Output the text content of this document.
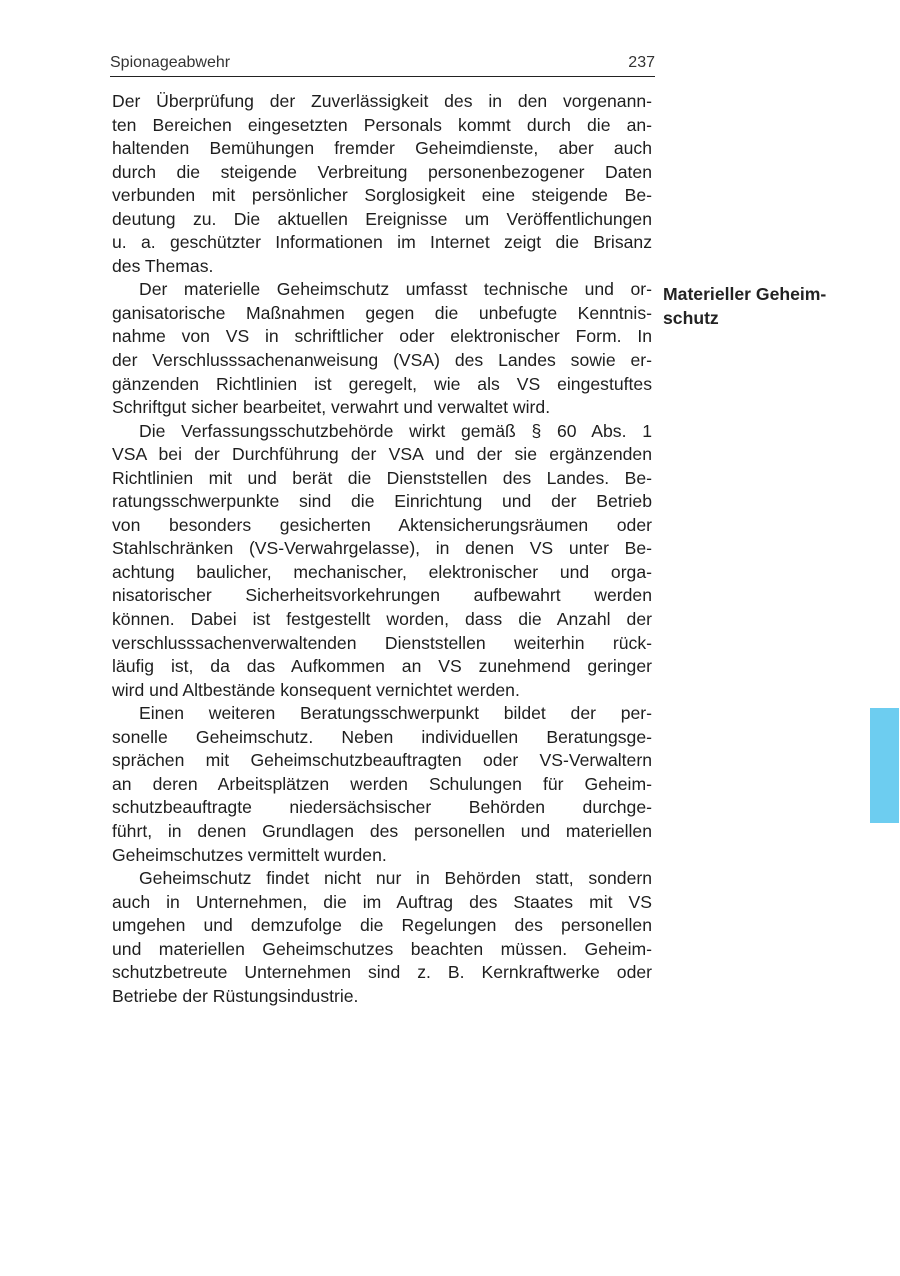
Spionageabwehr	237
Der Überprüfung der Zuverlässigkeit des in den vorgenann-
ten Bereichen eingesetzten Personals kommt durch die an-
haltenden Bemühungen fremder Geheimdienste, aber auch
durch die steigende Verbreitung personenbezogener Daten
verbunden mit persönlicher Sorglosigkeit eine steigende Be-
deutung zu. Die aktuellen Ereignisse um Veröffentlichungen
u. a. geschützter Informationen im Internet zeigt die Brisanz
des Themas.
Der materielle Geheimschutz umfasst technische und or-
ganisatorische Maßnahmen gegen die unbefugte Kenntnis-
nahme von VS in schriftlicher oder elektronischer Form. In
der Verschlusssachenanweisung (VSA) des Landes sowie er-
gänzenden Richtlinien ist geregelt, wie als VS eingestuftes
Schriftgut sicher bearbeitet, verwahrt und verwaltet wird.
Die Verfassungsschutzbehörde wirkt gemäß § 60 Abs. 1
VSA bei der Durchführung der VSA und der sie ergänzenden
Richtlinien mit und berät die Dienststellen des Landes. Be-
ratungsschwerpunkte sind die Einrichtung und der Betrieb
von besonders gesicherten Aktensicherungsräumen oder
Stahlschränken (VS-Verwahrgelasse), in denen VS unter Be-
achtung baulicher, mechanischer, elektronischer und orga-
nisatorischer Sicherheitsvorkehrungen aufbewahrt werden
können. Dabei ist festgestellt worden, dass die Anzahl der
verschlusssachenverwaltenden Dienststellen weiterhin rück-
läufig ist, da das Aufkommen an VS zunehmend geringer
wird und Altbestände konsequent vernichtet werden.
Einen weiteren Beratungsschwerpunkt bildet der per-
sonelle Geheimschutz. Neben individuellen Beratungsge-
sprächen mit Geheimschutzbeauftragten oder VS-Verwaltern
an deren Arbeitsplätzen werden Schulungen für Geheim-
schutzbeauftragte niedersächsischer Behörden durchge-
führt, in denen Grundlagen des personellen und materiellen
Geheimschutzes vermittelt wurden.
Geheimschutz findet nicht nur in Behörden statt, sondern
auch in Unternehmen, die im Auftrag des Staates mit VS
umgehen und demzufolge die Regelungen des personellen
und materiellen Geheimschutzes beachten müssen. Geheim-
schutzbetreute Unternehmen sind z. B. Kernkraftwerke oder
Betriebe der Rüstungsindustrie.
Materieller Geheim-
schutz
